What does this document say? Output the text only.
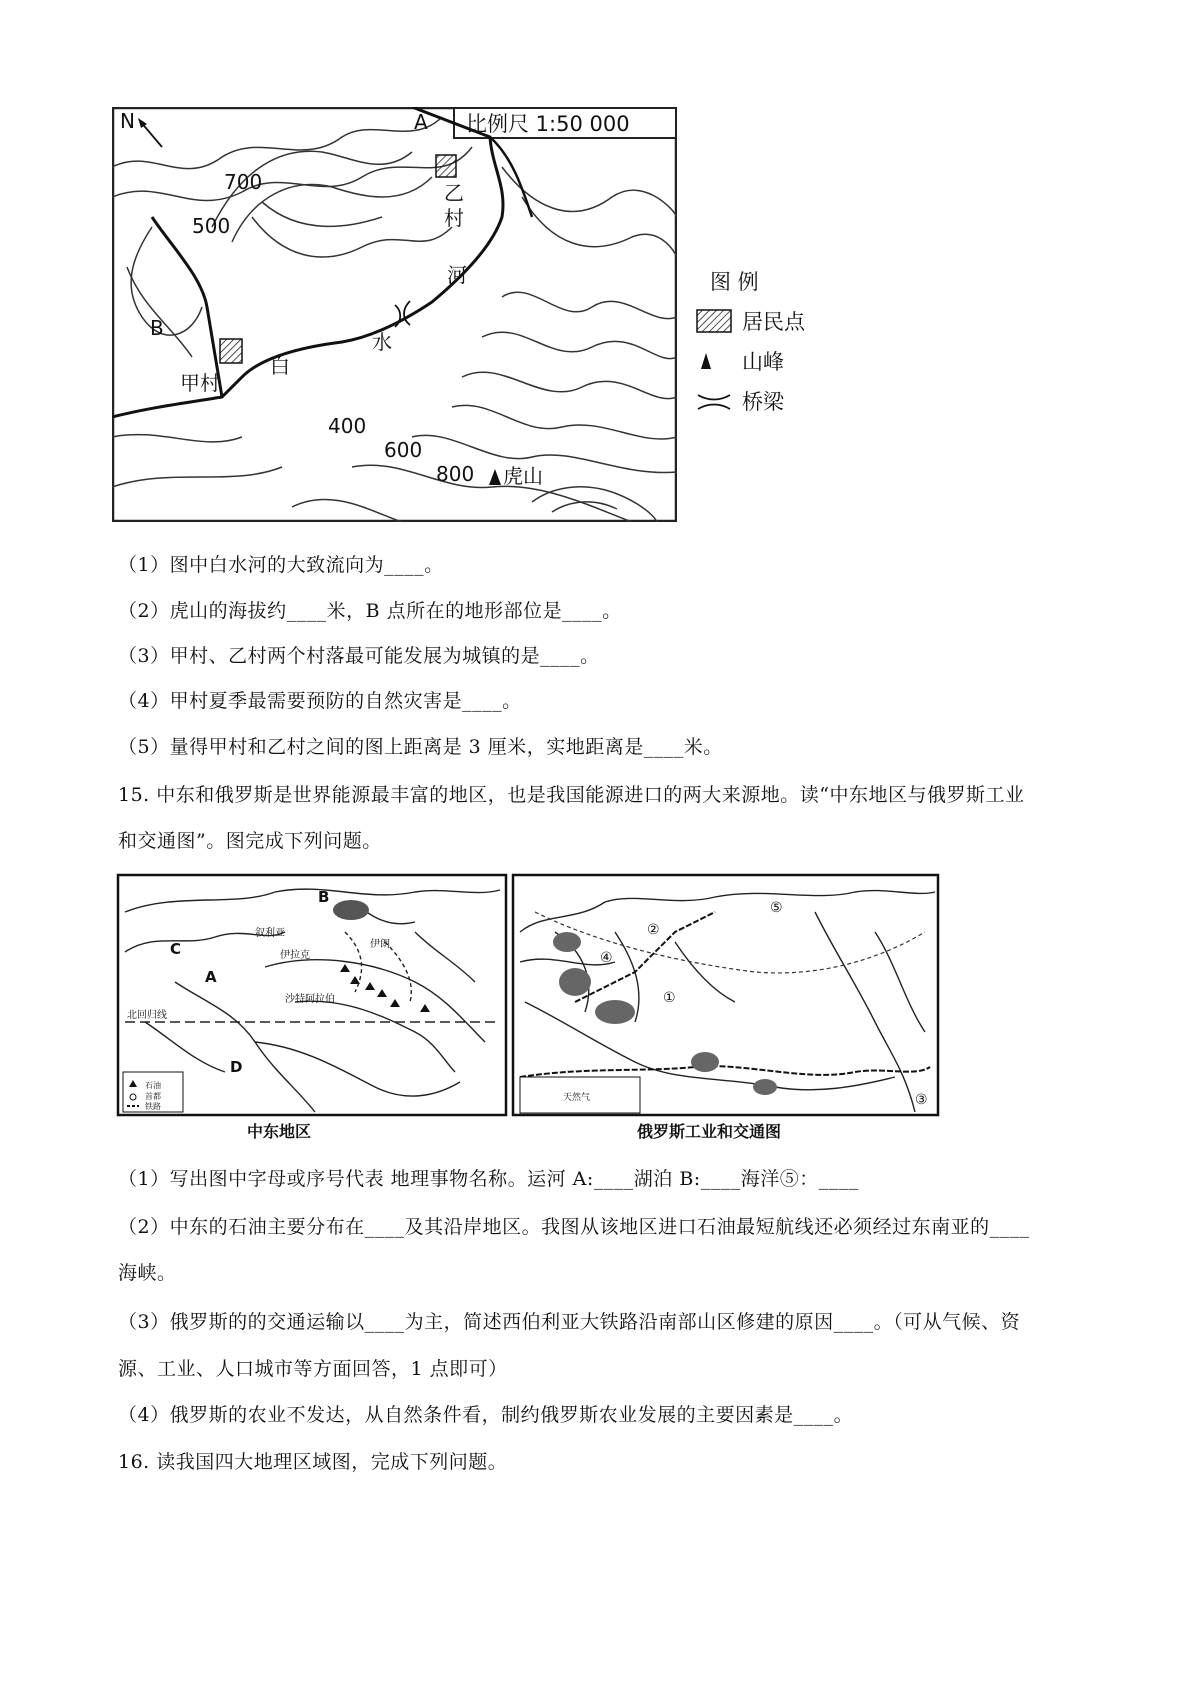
比例尺 1:50 000
N
700
500
400
600
800
A
B
甲村
乙
村
白
水
河
虎山
图 例
居民点
山峰
桥梁
（1）图中白水河的大致流向为____。
（2）虎山的海拔约____米，B 点所在的地形部位是____。
（3）甲村、乙村两个村落最可能发展为城镇的是____。
（4）甲村夏季最需要预防的自然灾害是____。
（5）量得甲村和乙村之间的图上距离是 3 厘米，实地距离是____米。
15. 中东和俄罗斯是世界能源最丰富的地区，也是我国能源进口的两大来源地。读“中东地区与俄罗斯工业
和交通图”。图完成下列问题。
石油
首都
铁路
A
B
C
D
叙利亚
伊拉克
伊朗
沙特阿拉伯
北回归线
天然气
①
②
③
④
⑤
中东地区	俄罗斯工业和交通图
（1）写出图中字母或序号代表 地理事物名称。运河 A:____湖泊 B:____海洋⑤：____
（2）中东的石油主要分布在____及其沿岸地区。我图从该地区进口石油最短航线还必须经过东南亚的____
海峡。
（3）俄罗斯的的交通运输以____为主，简述西伯利亚大铁路沿南部山区修建的原因____。（可从气候、资
源、工业、人口城市等方面回答，1 点即可）
（4）俄罗斯的农业不发达，从自然条件看，制约俄罗斯农业发展的主要因素是____。
16. 读我国四大地理区域图，完成下列问题。
